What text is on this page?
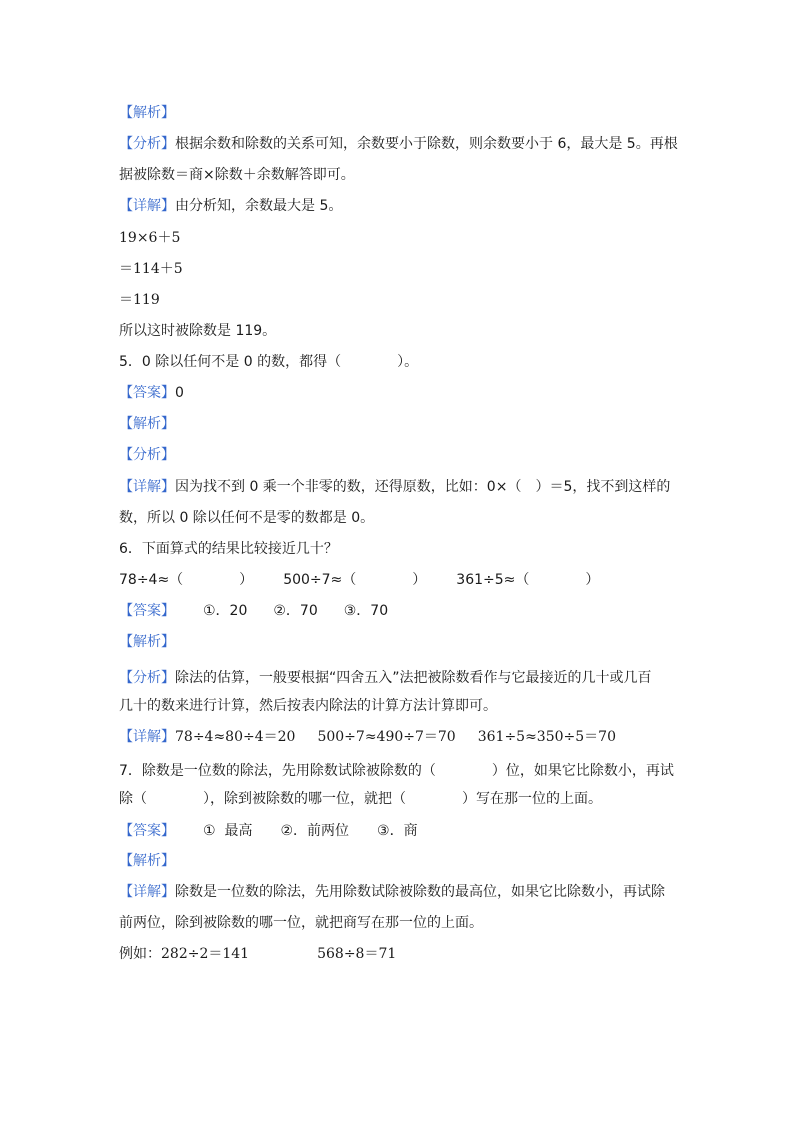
【解析】
【分析】根据余数和除数的关系可知，余数要小于除数，则余数要小于 6，最大是 5。再根
据被除数＝商×除数＋余数解答即可。
【详解】由分析知，余数最大是 5。
19×6＋5
＝114＋5
＝119
所以这时被除数是 119。
5．0 除以任何不是 0 的数，都得（　　　　）。
【答案】0
【解析】
【分析】
【详解】因为找不到 0 乘一个非零的数，还得原数，比如：0×（　）＝5，找不到这样的
数，所以 0 除以任何不是零的数都是 0。
6．下面算式的结果比较接近几十？
78÷4≈（　　　　） 500÷7≈（　　　　） 361÷5≈（　　　　）
【答案】 ①．20 ②．70 ③．70
【解析】
【分析】除法的估算，一般要根据“四舍五入”法把被除数看作与它最接近的几十或几百
几十的数来进行计算，然后按表内除法的计算方法计算即可。
【详解】78÷4≈80÷4＝20 500÷7≈490÷7＝70 361÷5≈350÷5＝70
7．除数是一位数的除法，先用除数试除被除数的（　　　　）位，如果它比除数小，再试
除（　　　　），除到被除数的哪一位，就把（　　　　）写在那一位的上面。
【答案】 ①  最高 ②．前两位 ③．商
【解析】
【详解】除数是一位数的除法，先用除数试除被除数的最高位，如果它比除数小，再试除
前两位，除到被除数的哪一位，就把商写在那一位的上面。
例如：282÷2＝141	568÷8＝71
